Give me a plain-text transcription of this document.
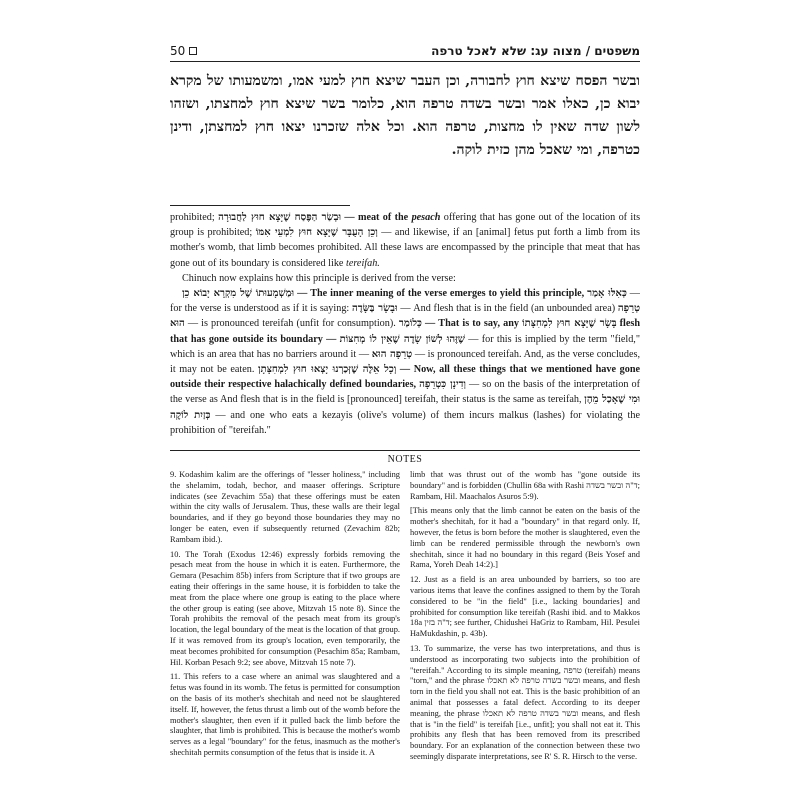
50	משפטים / מצוה עג: שלא לאכל טרפה
ובשר הפסח שיצא חוץ לחבורה, וכן העבר שיצא חוץ למעי אמו, ומשמעותו של מקרא יבוא כן, כאלו אמר ובשר בשדה טרפה הוא, כלומר בשר שיצא חוץ למחצתו, ושזהו לשון שדה שאין לו מחצות, טרפה הוא. וכל אלה שזכרנו יצאו חוץ למחצתן, ודינן כטרפה, ומי שאכל מהן כזית לוקה.

prohibited; וּבְשַׂר הַפֶּסַח שֶׁיָּצָא חוּץ לַחֲבוּרָה — meat of the pesach offering that has gone out of the location of its group is prohibited; וְכֵן הָעֻבָּר שֶׁיָּצָא חוּץ לִמְעֵי אִמּוֹ — and likewise, if an [animal] fetus put forth a limb from its mother's womb, that limb becomes prohibited. All these laws are encompassed by the principle that meat that has gone out of its boundary is considered like tereifah.

Chinuch now explains how this principle is derived from the verse:

וּמַשְׁמָעוּתוֹ שֶׁל מִקְרָא יָבוֹא כֵן — The inner meaning of the verse emerges to yield this principle, כְּאִלּוּ אָמַר — for the verse is understood as if it is saying: וּבָשָׂר בַּשָּׂדֶה — And flesh that is in the field (an unbounded area) טְרֵפָה הוּא — is pronounced tereifah (unfit for consumption). כְּלוֹמַר — That is to say, any בָּשָׂר שֶׁיָּצָא חוּץ לִמְחִצָּתוֹ flesh that has gone outside its boundary — שֶׁזֶּהוּ לְשׁוֹן שָׂדֶה שֶׁאֵין לוֹ מְחִצּוֹת — for this is implied by the term "field," which is an area that has no barriers around it — טְרֵפָה הוּא — is pronounced tereifah. And, as the verse concludes, it may not be eaten. וְכָל אֵלֶּה שֶׁזְּכַרְנוּ יָצְאוּ חוּץ לִמְחִצָּתָן — Now, all these things that we mentioned have gone outside their respective halachically defined boundaries, וְדִינָן כִּטְרֵפָה — so on the basis of the interpretation of the verse as And flesh that is in the field is [pronounced] tereifah, their status is the same as tereifah, וּמִי שֶׁאָכַל מֵהֶן כְּזַיִת לוֹקֶה — and one who eats a kezayis (olive's volume) of them incurs malkus (lashes) for violating the prohibition of "tereifah."

NOTES

9. Kodashim kalim are the offerings of "lesser holiness," including the shelamim, todah, bechor, and maaser offerings. Scripture indicates (see Zevachim 55a) that these offerings must be eaten within the city walls of Jerusalem. Thus, these walls are their legal boundaries, and if they go beyond those boundaries they may no longer be eaten, even if subsequently returned (Zevachim 82b; Rambam ibid.).

10. The Torah (Exodus 12:46) expressly forbids removing the pesach meat from the house in which it is eaten. Furthermore, the Gemara (Pesachim 85b) infers from Scripture that if two groups are eating their offerings in the same house, it is forbidden to take the meat from the place where one group is eating to the place where the other group is eating (see above, Mitzvah 15 note 8). Since the Torah prohibits the removal of the pesach meat from its group's location, the legal boundary of the meat is the location of that group. If it was removed from its group's location, even temporarily, the meat becomes prohibited for consumption (Pesachim 85a; Rambam, Hil. Korban Pesach 9:2; see above, Mitzvah 15 note 7).

11. This refers to a case where an animal was slaughtered and a fetus was found in its womb. The fetus is permitted for consumption on the basis of its mother's shechitah and need not be slaughtered itself. If, however, the fetus thrust a limb out of the womb before the mother's slaughter, then even if it pulled back the limb before the slaughter, that limb is prohibited. This is because the mother's womb serves as a legal "boundary" for the fetus, inasmuch as the mother's shechitah permits consumption of the fetus that is inside it. A

limb that was thrust out of the womb has "gone outside its boundary" and is forbidden (Chullin 68a with Rashi ד"ה ובשר בשדה; Rambam, Hil. Maachalos Asuros 5:9).

[This means only that the limb cannot be eaten on the basis of the mother's shechitah, for it had a "boundary" in that regard only. If, however, the fetus is born before the mother is slaughtered, even the limb can be rendered permissible through the newborn's own shechitah, since it had no boundary in this regard (Beis Yosef and Rama, Yoreh Deah 14:2).]

12. Just as a field is an area unbounded by barriers, so too are various items that leave the confines assigned to them by the Torah considered to be "in the field" [i.e., lacking boundaries] and prohibited for consumption like tereifah (Rashi ibid. and to Makkos 18a ד"ה בזין; see further, Chidushei HaGriz to Rambam, Hil. Pesulei HaMukdashin, p. 43b).

13. To summarize, the verse has two interpretations, and thus is understood as incorporating two subjects into the prohibition of "tereifah." According to its simple meaning, טרפה (tereifah) means "torn," and the phrase ובשר בשדה טרפה לא תאכלו means, and flesh torn in the field you shall not eat. This is the basic prohibition of an animal that possesses a fatal defect. According to its deeper meaning, the phrase ובשר בשדה טרפה לא תאכלו means, and flesh that is "in the field" is tereifah [i.e., unfit]; you shall not eat it. This prohibits any flesh that has been removed from its prescribed boundary. For an explanation of the connection between these two seemingly disparate interpretations, see R' S. R. Hirsch to the verse.
